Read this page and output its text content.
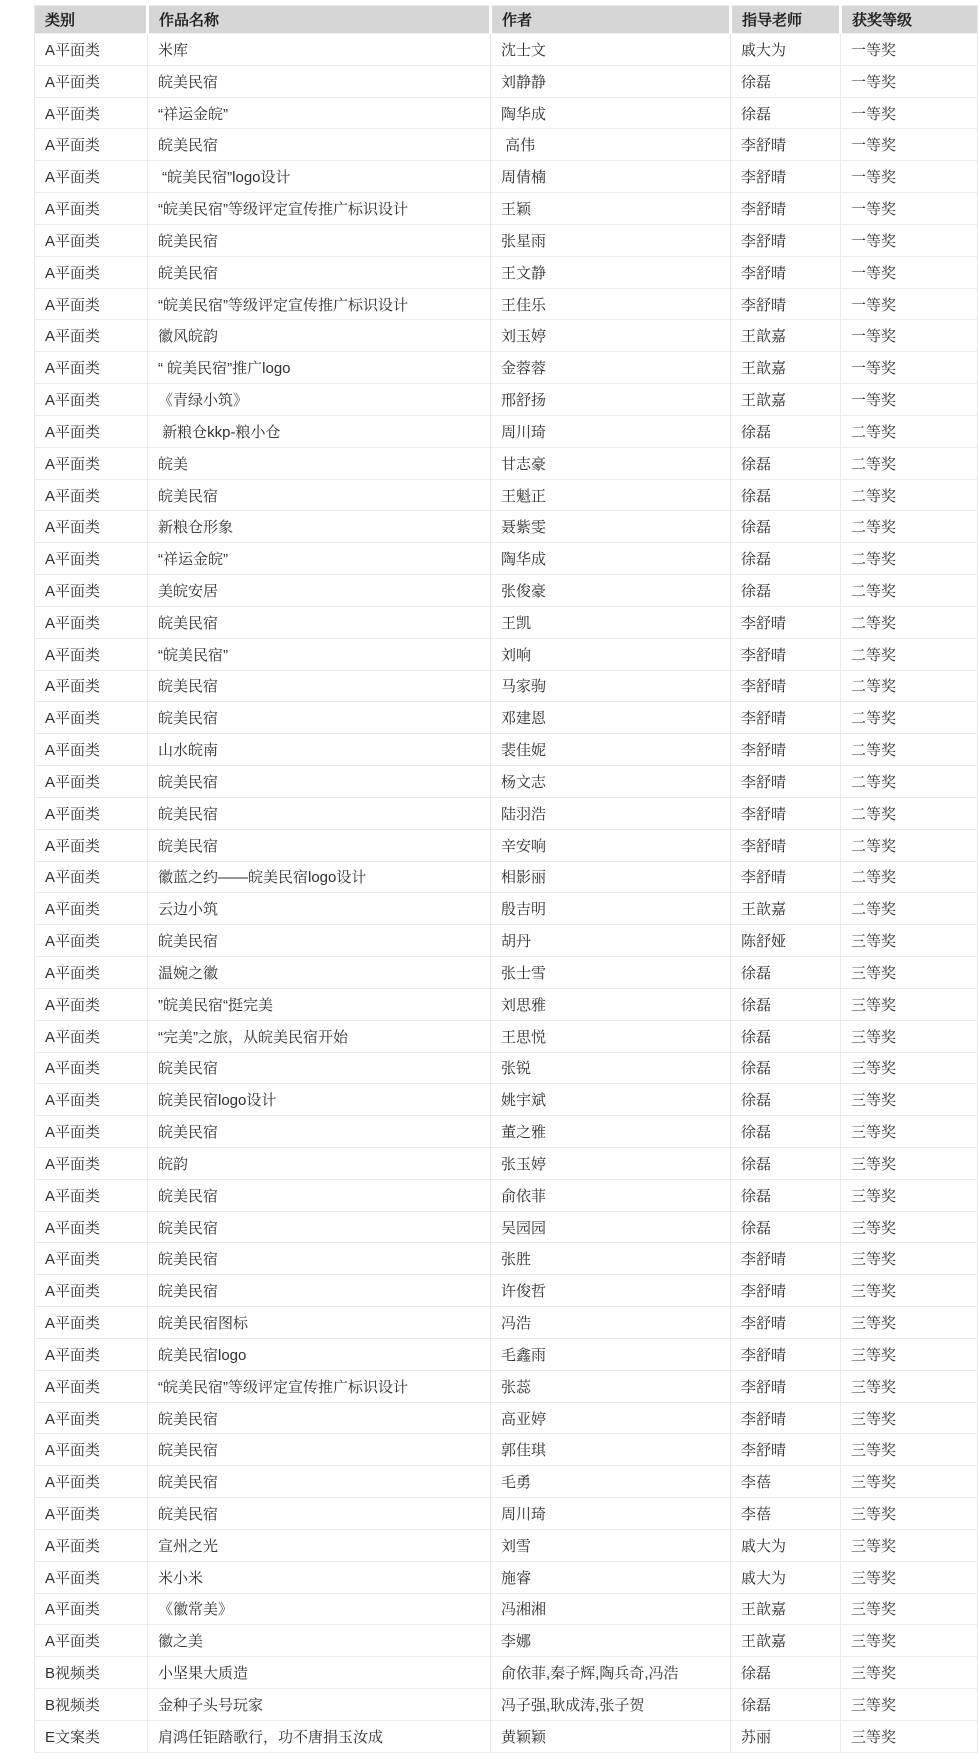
类别	作品名称	作者	指导老师	获奖等级
A平面类	米库	沈士文	戚大为	一等奖
A平面类	皖美民宿	刘静静	徐磊	一等奖
A平面类	“祥运金皖”	陶华成	徐磊	一等奖
A平面类	皖美民宿	高伟	李舒晴	一等奖
A平面类	“皖美民宿”logo设计	周倩楠	李舒晴	一等奖
A平面类	“皖美民宿”等级评定宣传推广标识设计	王颖	李舒晴	一等奖
A平面类	皖美民宿	张星雨	李舒晴	一等奖
A平面类	皖美民宿	王文静	李舒晴	一等奖
A平面类	“皖美民宿”等级评定宣传推广标识设计	王佳乐	李舒晴	一等奖
A平面类	徽风皖韵	刘玉婷	王歆嘉	一等奖
A平面类	“ 皖美民宿”推广logo	金蓉蓉	王歆嘉	一等奖
A平面类	《青绿小筑》	邢舒扬	王歆嘉	一等奖
A平面类	新粮仓kkp-粮小仓	周川琦	徐磊	二等奖
A平面类	皖美	甘志豪	徐磊	二等奖
A平面类	皖美民宿	王魁正	徐磊	二等奖
A平面类	新粮仓形象	聂紫雯	徐磊	二等奖
A平面类	“祥运金皖”	陶华成	徐磊	二等奖
A平面类	美皖安居	张俊豪	徐磊	二等奖
A平面类	皖美民宿	王凯	李舒晴	二等奖
A平面类	“皖美民宿”	刘响	李舒晴	二等奖
A平面类	皖美民宿	马家驹	李舒晴	二等奖
A平面类	皖美民宿	邓建恩	李舒晴	二等奖
A平面类	山水皖南	裴佳妮	李舒晴	二等奖
A平面类	皖美民宿	杨文志	李舒晴	二等奖
A平面类	皖美民宿	陆羽浩	李舒晴	二等奖
A平面类	皖美民宿	辛安响	李舒晴	二等奖
A平面类	徽蓝之约——皖美民宿logo设计	相影丽	李舒晴	二等奖
A平面类	云边小筑	殷吉明	王歆嘉	二等奖
A平面类	皖美民宿	胡丹	陈舒娅	三等奖
A平面类	温婉之徽	张士雪	徐磊	三等奖
A平面类	”皖美民宿“挺完美	刘思雅	徐磊	三等奖
A平面类	“完美”之旅，从皖美民宿开始	王思悦	徐磊	三等奖
A平面类	皖美民宿	张锐	徐磊	三等奖
A平面类	皖美民宿logo设计	姚宇斌	徐磊	三等奖
A平面类	皖美民宿	董之雅	徐磊	三等奖
A平面类	皖韵	张玉婷	徐磊	三等奖
A平面类	皖美民宿	俞依菲	徐磊	三等奖
A平面类	皖美民宿	吴园园	徐磊	三等奖
A平面类	皖美民宿	张胜	李舒晴	三等奖
A平面类	皖美民宿	许俊哲	李舒晴	三等奖
A平面类	皖美民宿图标	冯浩	李舒晴	三等奖
A平面类	皖美民宿logo	毛鑫雨	李舒晴	三等奖
A平面类	“皖美民宿”等级评定宣传推广标识设计	张蕊	李舒晴	三等奖
A平面类	皖美民宿	高亚婷	李舒晴	三等奖
A平面类	皖美民宿	郭佳琪	李舒晴	三等奖
A平面类	皖美民宿	毛勇	李蓓	三等奖
A平面类	皖美民宿	周川琦	李蓓	三等奖
A平面类	宣州之光	刘雪	戚大为	三等奖
A平面类	米小米	施睿	戚大为	三等奖
A平面类	《徽常美》	冯湘湘	王歆嘉	三等奖
A平面类	徽之美	李娜	王歆嘉	三等奖
B视频类	小坚果大质造	俞依菲,秦子辉,陶兵奇,冯浩	徐磊	三等奖
B视频类	金种子头号玩家	冯子强,耿成涛,张子贺	徐磊	三等奖
E文案类	肩鸿任钜踏歌行，功不唐捐玉汝成	黄颖颖	苏丽	三等奖
